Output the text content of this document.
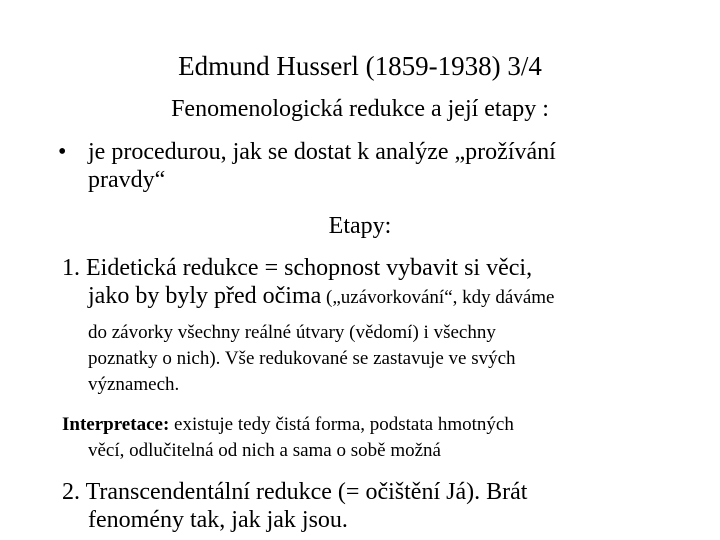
Edmund Husserl (1859-1938) 3/4
Fenomenologická redukce a její etapy :
• je procedurou, jak se dostat k analýze „prožívání
pravdy“
Etapy:
1. Eidetická redukce = schopnost vybavit si věci,
jako by byly před očima („uzávorkování“, kdy dáváme
do závorky všechny reálné útvary (vědomí) i všechny
poznatky o nich). Vše redukované se zastavuje ve svých
významech.
Interpretace: existuje tedy čistá forma, podstata hmotných
věcí, odlučitelná od nich a sama o sobě možná
2. Transcendentální redukce (= očištění Já). Brát
fenomény tak, jak jak jsou.
